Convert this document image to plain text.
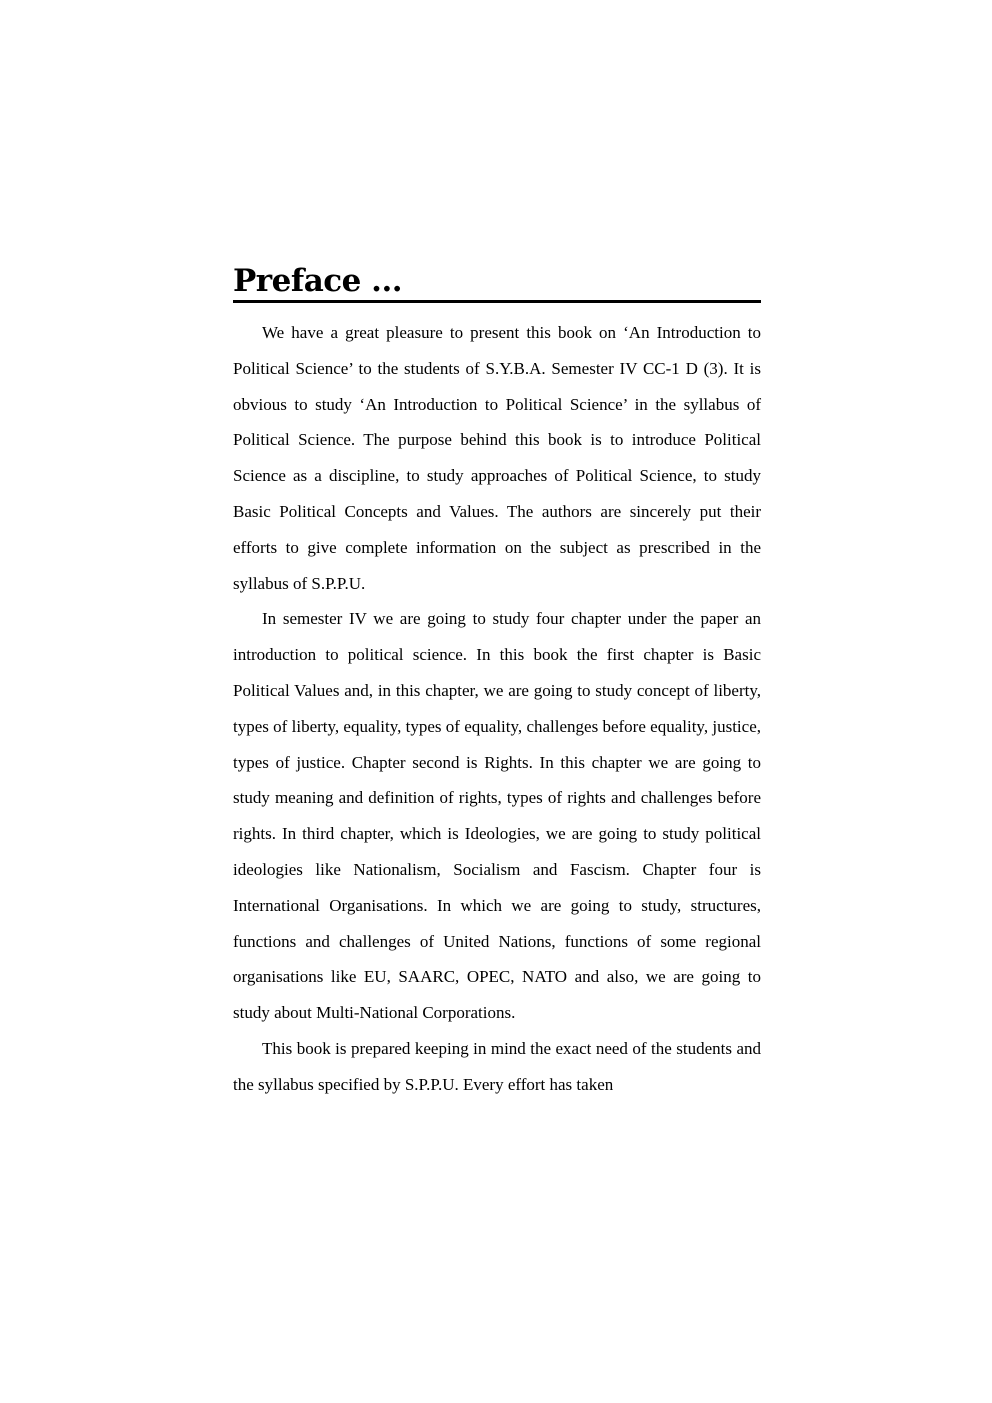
Preface ...

We have a great pleasure to present this book on ‘An Introduction to Political Science’ to the students of S.Y.B.A. Semester IV CC-1 D (3). It is obvious to study ‘An Introduction to Political Science’ in the syllabus of Political Science. The purpose behind this book is to introduce Political Science as a discipline, to study approaches of Political Science, to study Basic Political Concepts and Values. The authors are sincerely put their efforts to give complete information on the subject as prescribed in the syllabus of S.P.P.U.

In semester IV we are going to study four chapter under the paper an introduction to political science. In this book the first chapter is Basic Political Values and, in this chapter, we are going to study concept of liberty, types of liberty, equality, types of equality, challenges before equality, justice, types of justice. Chapter second is Rights. In this chapter we are going to study meaning and definition of rights, types of rights and challenges before rights. In third chapter, which is Ideologies, we are going to study political ideologies like Nationalism, Socialism and Fascism. Chapter four is International Organisations. In which we are going to study, structures, functions and challenges of United Nations, functions of some regional organisations like EU, SAARC, OPEC, NATO and also, we are going to study about Multi-National Corporations.

This book is prepared keeping in mind the exact need of the students and the syllabus specified by S.P.P.U. Every effort has taken
